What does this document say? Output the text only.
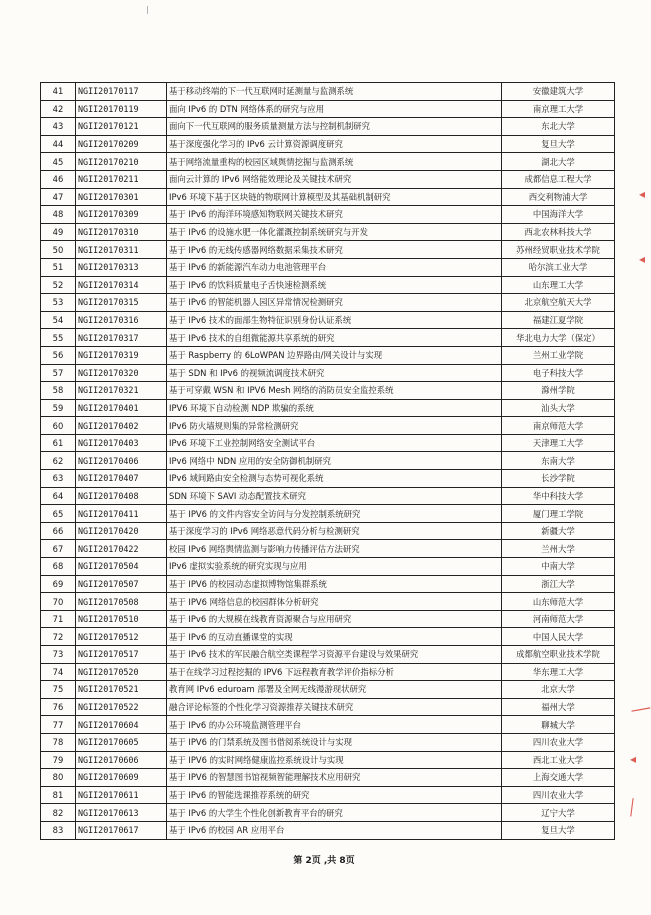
41	NGII20170117	基于移动终端的下一代互联网时延测量与监测系统	安徽建筑大学
42	NGII20170119	面向 IPv6 的 DTN 网络体系的研究与应用	南京理工大学
43	NGII20170121	面向下一代互联网的服务质量测量方法与控制机制研究	东北大学
44	NGII20170209	基于深度强化学习的 IPv6 云计算资源调度研究	复旦大学
45	NGII20170210	基于网络流量重构的校园区域舆情挖掘与监测系统	湖北大学
46	NGII20170211	面向云计算的 IPv6 网络能效理论及关键技术研究	成都信息工程大学
47	NGII20170301	IPv6 环境下基于区块链的物联网计算模型及其基础机制研究	西交利物浦大学
48	NGII20170309	基于 IPv6 的海洋环境感知物联网关键技术研究	中国海洋大学
49	NGII20170310	基于 IPv6 的设施水肥一体化灌溉控制系统研究与开发	西北农林科技大学
50	NGII20170311	基于 IPv6 的无线传感器网络数据采集技术研究	苏州经贸职业技术学院
51	NGII20170313	基于 IPv6 的新能源汽车动力电池管理平台	哈尔滨工业大学
52	NGII20170314	基于 IPv6 的饮料质量电子舌快速检测系统	山东理工大学
53	NGII20170315	基于 IPv6 的智能机器人园区异常情况检测研究	北京航空航天大学
54	NGII20170316	基于 IPv6 技术的面部生物特征识别身份认证系统	福建江夏学院
55	NGII20170317	基于 IPv6 技术的自组微能源共享系统的研究	华北电力大学（保定）
56	NGII20170319	基于 Raspberry 的 6LoWPAN 边界路由/网关设计与实现	兰州工业学院
57	NGII20170320	基于 SDN 和 IPv6 的视频流调度技术研究	电子科技大学
58	NGII20170321	基于可穿戴 WSN 和 IPV6 Mesh 网络的消防员安全监控系统	滁州学院
59	NGII20170401	IPV6 环境下自动检测 NDP 欺骗的系统	汕头大学
60	NGII20170402	IPv6 防火墙规则集的异常检测研究	南京师范大学
61	NGII20170403	IPv6 环境下工业控制网络安全测试平台	天津理工大学
62	NGII20170406	IPv6 网络中 NDN 应用的安全防御机制研究	东南大学
63	NGII20170407	IPv6 域间路由安全检测与态势可视化系统	长沙学院
64	NGII20170408	SDN 环境下 SAVI 动态配置技术研究	华中科技大学
65	NGII20170411	基于 IPV6 的文件内容安全访问与分发控制系统研究	厦门理工学院
66	NGII20170420	基于深度学习的 IPv6 网络恶意代码分析与检测研究	新疆大学
67	NGII20170422	校园 IPv6 网络舆情监测与影响力传播评估方法研究	兰州大学
68	NGII20170504	IPv6 虚拟实验系统的研究实现与应用	中南大学
69	NGII20170507	基于 IPV6 的校园动态虚拟博物馆集群系统	浙江大学
70	NGII20170508	基于 IPV6 网络信息的校园群体分析研究	山东师范大学
71	NGII20170510	基于 IPv6 的大规模在线教育资源聚合与应用研究	河南师范大学
72	NGII20170512	基于 IPv6 的互动直播课堂的实现	中国人民大学
73	NGII20170517	基于 IPv6 技术的军民融合航空类课程学习资源平台建设与效果研究	成都航空职业技术学院
74	NGII20170520	基于在线学习过程挖掘的 IPV6 下远程教育教学评价指标分析	华东理工大学
75	NGII20170521	教育网 IPv6 eduroam 部署及全网无线漫游现状研究	北京大学
76	NGII20170522	融合评论标签的个性化学习资源推荐关键技术研究	福州大学
77	NGII20170604	基于 IPv6 的办公环境监测管理平台	聊城大学
78	NGII20170605	基于 IPV6 的门禁系统及图书借阅系统设计与实现	四川农业大学
79	NGII20170606	基于 IPV6 的实时网络健康监控系统设计与实现	西北工业大学
80	NGII20170609	基于 IPV6 的智慧图书馆视频智能理解技术应用研究	上海交通大学
81	NGII20170611	基于 IPv6 的智能选课推荐系统的研究	四川农业大学
82	NGII20170613	基于 IPv6 的大学生个性化创新教育平台的研究	辽宁大学
83	NGII20170617	基于 IPv6 的校园 AR 应用平台	复旦大学
第 2页 ,共 8页
◂
◂
│
◂
╱
